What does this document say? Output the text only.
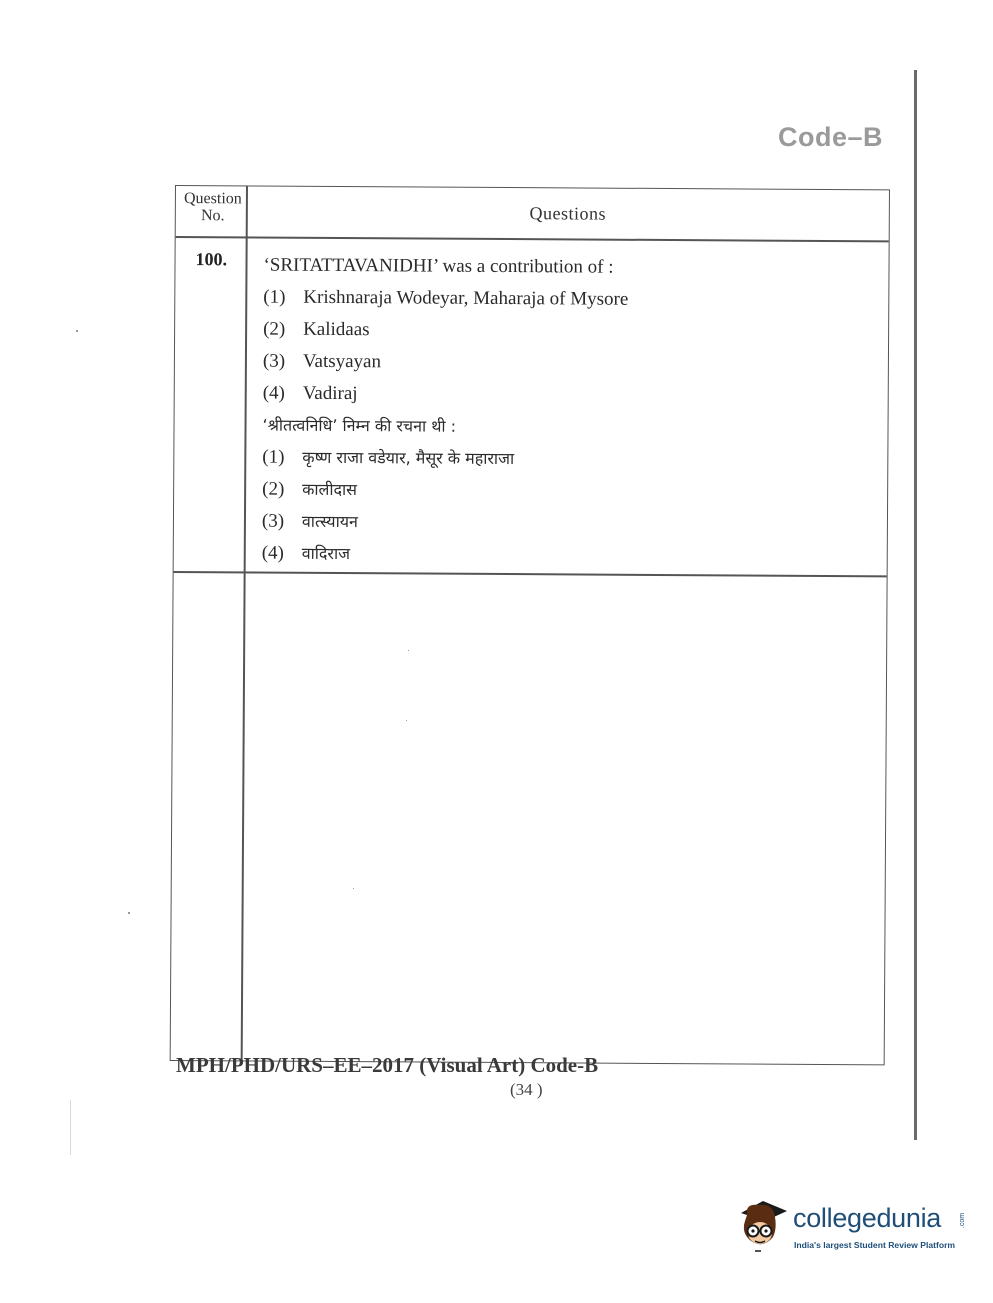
Code–B
Question
No.	Questions
100. ‘SRITATTAVANIDHI’ was a contribution of :

(1) Krishnaraja Wodeyar, Maharaja of Mysore
(2) Kalidaas
(3) Vatsyayan
(4) Vadiraj

‘श्रीतत्वनिधि’ निम्न की रचना थी :

(1)	कृष्ण राजा वडेयार, मैसूर के महाराजा
(2)	कालीदास
(3)	वात्स्यायन
(4)	वादिराज
MPH/PHD/URS–EE–2017 (Visual Art) Code-B
(34 )
collegedunia	.com
India's largest Student Review Platform
